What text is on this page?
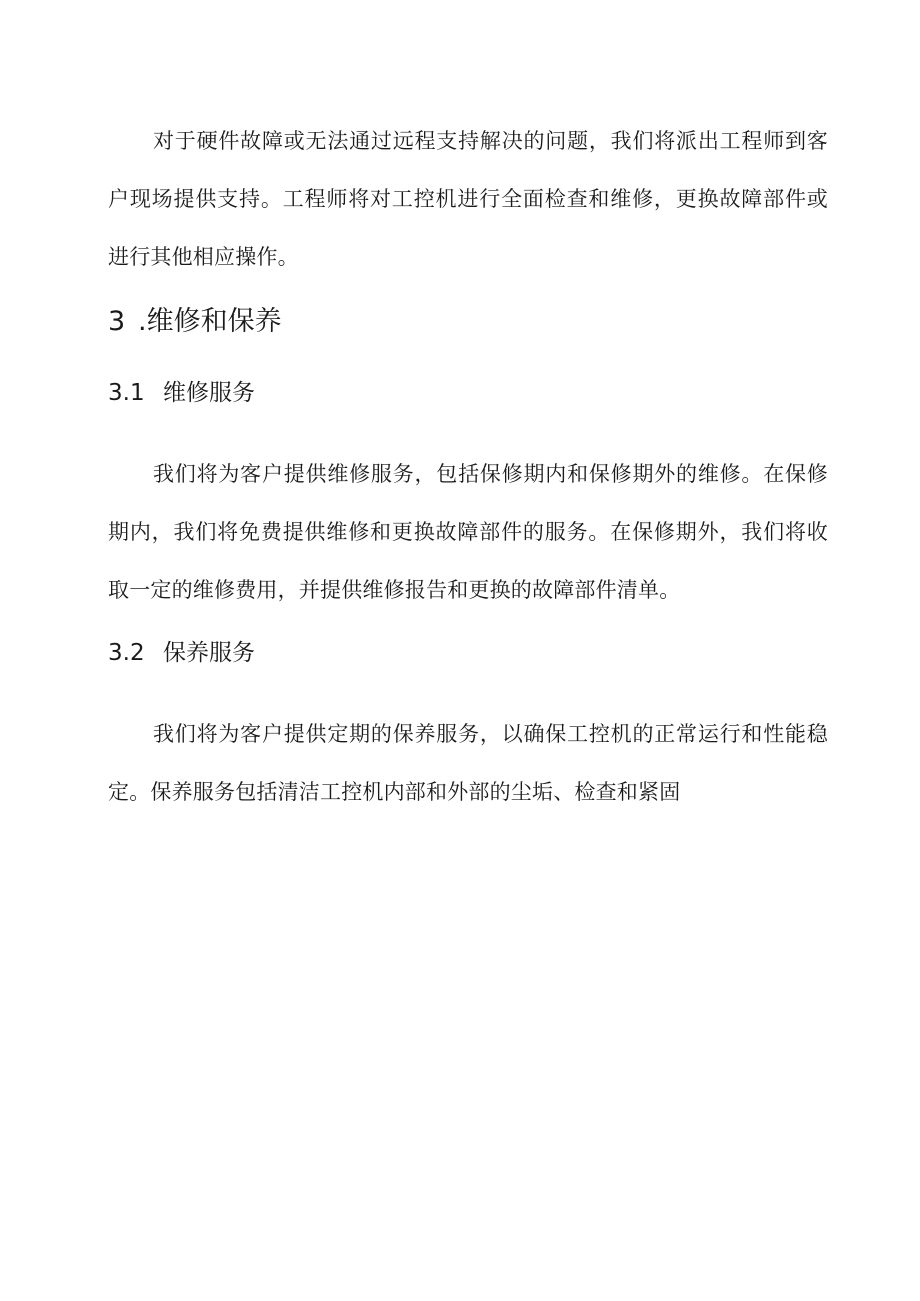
对于硬件故障或无法通过远程支持解决的问题，我们将派出工程师到客户现场提供支持。工程师将对工控机进行全面检查和维修，更换故障部件或进行其他相应操作。

3 .维修和保养
3.1 维修服务

我们将为客户提供维修服务，包括保修期内和保修期外的维修。在保修期内，我们将免费提供维修和更换故障部件的服务。在保修期外，我们将收取一定的维修费用，并提供维修报告和更换的故障部件清单。

3.2 保养服务

我们将为客户提供定期的保养服务，以确保工控机的正常运行和性能稳定。保养服务包括清洁工控机内部和外部的尘垢、检查和紧固
